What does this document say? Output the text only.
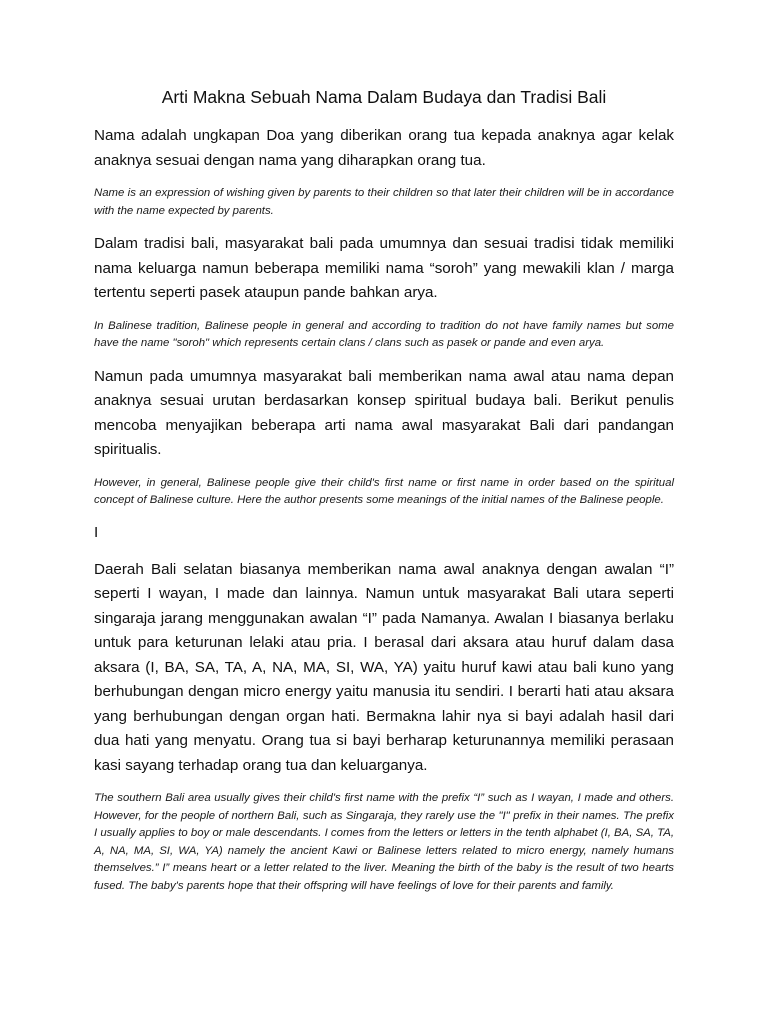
Arti Makna Sebuah Nama Dalam Budaya dan Tradisi Bali

Nama adalah ungkapan Doa yang diberikan orang tua kepada anaknya agar kelak anaknya sesuai dengan nama yang diharapkan orang tua.

Name is an expression of wishing given by parents to their children so that later their children will be in accordance with the name expected by parents.

Dalam tradisi bali, masyarakat bali pada umumnya dan sesuai tradisi tidak memiliki nama keluarga namun beberapa memiliki nama “soroh” yang mewakili klan / marga tertentu seperti pasek ataupun pande bahkan arya.

In Balinese tradition, Balinese people in general and according to tradition do not have family names but some have the name "soroh" which represents certain clans / clans such as pasek or pande and even arya.

Namun pada umumnya masyarakat bali memberikan nama awal atau nama depan anaknya sesuai urutan berdasarkan konsep spiritual budaya bali. Berikut penulis mencoba menyajikan beberapa arti nama awal masyarakat Bali dari pandangan spiritualis.

However, in general, Balinese people give their child's first name or first name in order based on the spiritual concept of Balinese culture. Here the author presents some meanings of the initial names of the Balinese people.

I

Daerah Bali selatan biasanya memberikan nama awal anaknya dengan awalan “I” seperti I wayan, I made dan lainnya. Namun untuk masyarakat Bali utara seperti singaraja jarang menggunakan awalan “I” pada Namanya. Awalan I biasanya berlaku untuk para keturunan lelaki atau pria. I berasal dari aksara atau huruf dalam dasa aksara (I, BA, SA, TA, A, NA, MA, SI, WA, YA) yaitu huruf kawi atau bali kuno yang berhubungan dengan micro energy yaitu manusia itu sendiri. I berarti hati atau aksara yang berhubungan dengan organ hati. Bermakna lahir nya si bayi adalah hasil dari dua hati yang menyatu. Orang tua si bayi berharap keturunannya memiliki perasaan kasi sayang terhadap orang tua dan keluarganya.

The southern Bali area usually gives their child's first name with the prefix “I” such as I wayan, I made and others. However, for the people of northern Bali, such as Singaraja, they rarely use the "I" prefix in their names. The prefix I usually applies to boy or male descendants. I comes from the letters or letters in the tenth alphabet (I, BA, SA, TA, A, NA, MA, SI, WA, YA) namely the ancient Kawi or Balinese letters related to micro energy, namely humans themselves.” I” means heart or a letter related to the liver. Meaning the birth of the baby is the result of two hearts fused. The baby's parents hope that their offspring will have feelings of love for their parents and family.
